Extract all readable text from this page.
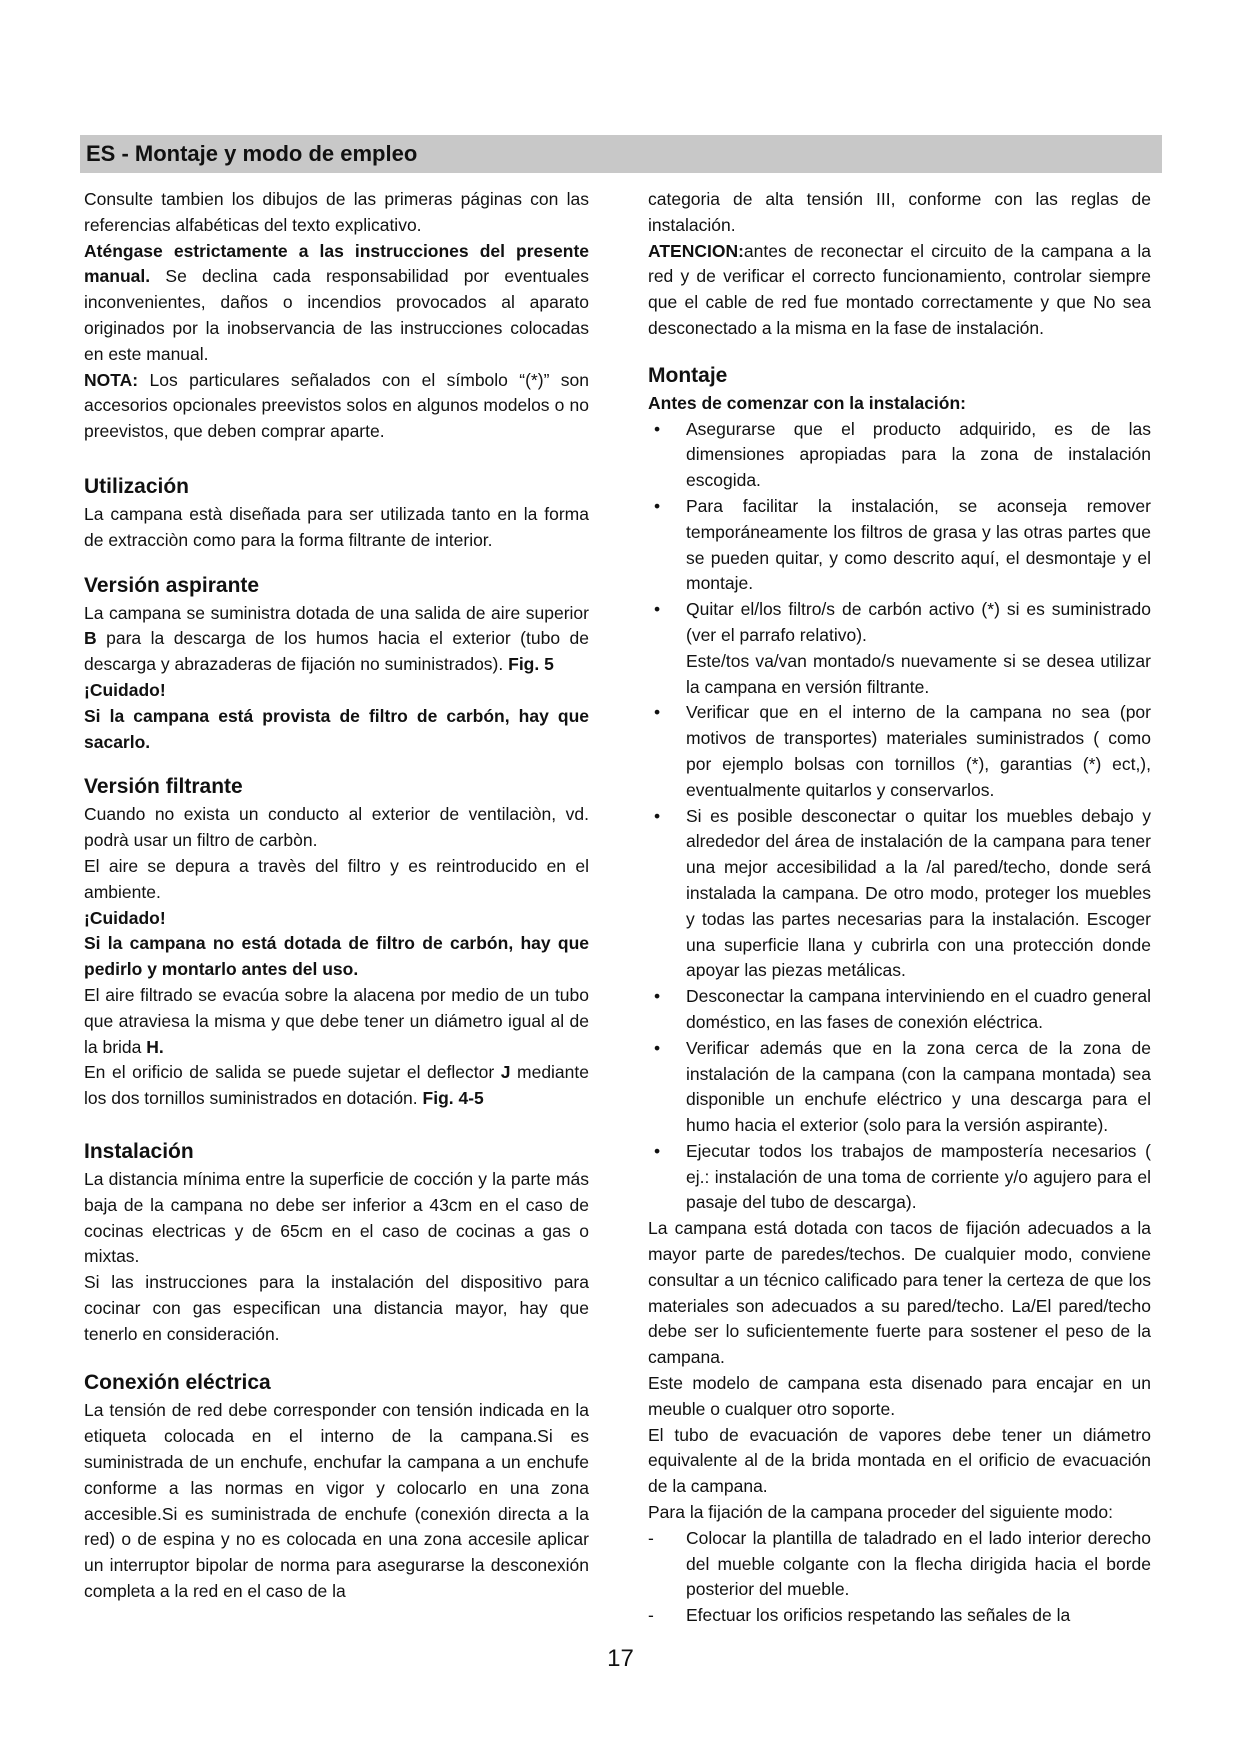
ES - Montaje y modo de empleo

Consulte tambien los dibujos de las primeras páginas con las referencias alfabéticas del texto explicativo.

Aténgase estrictamente a las instrucciones del presente manual. Se declina cada responsabilidad por eventuales inconvenientes, daños o incendios provocados al aparato originados por la inobservancia de las instrucciones colocadas en este manual.

NOTA: Los particulares señalados con el símbolo “(*)” son accesorios opcionales preevistos solos en algunos modelos o no preevistos, que deben comprar aparte.

Utilización

La campana està diseñada para ser utilizada tanto en la forma de extracciòn como para la forma filtrante de interior.

Versión aspirante

La campana se suministra dotada de una salida de aire superior B para la descarga de los humos hacia el exterior (tubo de descarga y abrazaderas de fijación no suministrados). Fig. 5

¡Cuidado!

Si la campana está provista de filtro de carbón, hay que sacarlo.

Versión filtrante

Cuando no exista un conducto al exterior de ventilaciòn, vd. podrà usar un filtro de carbòn.

El aire se depura a travès del filtro y es reintroducido en el ambiente.

¡Cuidado!

Si la campana no está dotada de filtro de carbón, hay que pedirlo y montarlo antes del uso.

El aire filtrado se evacúa sobre la alacena por medio de un tubo que atraviesa la misma y que debe tener un diámetro igual al de la brida H.

En el orificio de salida se puede sujetar el deflector J mediante los dos tornillos suministrados en dotación. Fig. 4-5

Instalación

La distancia mínima entre la superficie de cocción y la parte más baja de la campana no debe ser inferior a 43cm en el caso de cocinas electricas y de 65cm en el caso de cocinas a gas o mixtas.

Si las instrucciones para la instalación del dispositivo para cocinar con gas especifican una distancia mayor, hay que tenerlo en consideración.

Conexión eléctrica

La tensión de red debe corresponder con tensión indicada en la etiqueta colocada en el interno de la campana.Si es suministrada de un enchufe, enchufar la campana a un enchufe conforme a las normas en vigor y colocarlo en una zona accesible.Si es suministrada de enchufe (conexión directa a la red) o de espina y no es colocada en una zona accesile aplicar un interruptor bipolar de norma para asegurarse la desconexión completa a la red en el caso de la

categoria de alta tensión III, conforme con las reglas de instalación.

ATENCION:antes de reconectar el circuito de la campana a la red y de verificar el correcto funcionamiento, controlar siempre que el cable de red fue montado correctamente y que No sea desconectado a la misma en la fase de instalación.

Montaje

Antes de comenzar con la instalación:

• Asegurarse que el producto adquirido, es de las dimensiones apropiadas para la zona de instalación escogida.

• Para facilitar la instalación, se aconseja remover temporáneamente los filtros de grasa y las otras partes que se pueden quitar, y como descrito aquí, el desmontaje y el montaje.

• Quitar el/los filtro/s de carbón activo (*) si es suministrado (ver el parrafo relativo).

Este/tos va/van montado/s nuevamente si se desea utilizar la campana en versión filtrante.

• Verificar que en el interno de la campana no sea (por motivos de transportes) materiales suministrados ( como por ejemplo bolsas con tornillos (*), garantias (*) ect,), eventualmente quitarlos y conservarlos.

• Si es posible desconectar o quitar los muebles debajo y alrededor del área de instalación de la campana para tener una mejor accesibilidad a la /al pared/techo, donde será instalada la campana. De otro modo, proteger los muebles y todas las partes necesarias para la instalación. Escoger una superficie llana y cubrirla con una protección donde apoyar las piezas metálicas.

• Desconectar la campana interviniendo en el cuadro general doméstico, en las fases de conexión eléctrica.

• Verificar además que en la zona cerca de la zona de instalación de la campana (con la campana montada) sea disponible un enchufe eléctrico y una descarga para el humo hacia el exterior (solo para la versión aspirante).

• Ejecutar todos los trabajos de mampostería necesarios ( ej.: instalación de una toma de corriente y/o agujero para el pasaje del tubo de descarga).

La campana está dotada con tacos de fijación adecuados a la mayor parte de paredes/techos. De cualquier modo, conviene consultar a un técnico calificado para tener la certeza de que los materiales son adecuados a su pared/techo. La/El pared/techo debe ser lo suficientemente fuerte para sostener el peso de la campana.

Este modelo de campana esta disenado para encajar en un meuble o cualquer otro soporte.

El tubo de evacuación de vapores debe tener un diámetro equivalente al de la brida montada en el orificio de evacuación de la campana.

Para la fijación de la campana proceder del siguiente modo:

- Colocar la plantilla de taladrado en el lado interior derecho del mueble colgante con la flecha dirigida hacia el borde posterior del mueble.

- Efectuar los orificios respetando las señales de la

17
